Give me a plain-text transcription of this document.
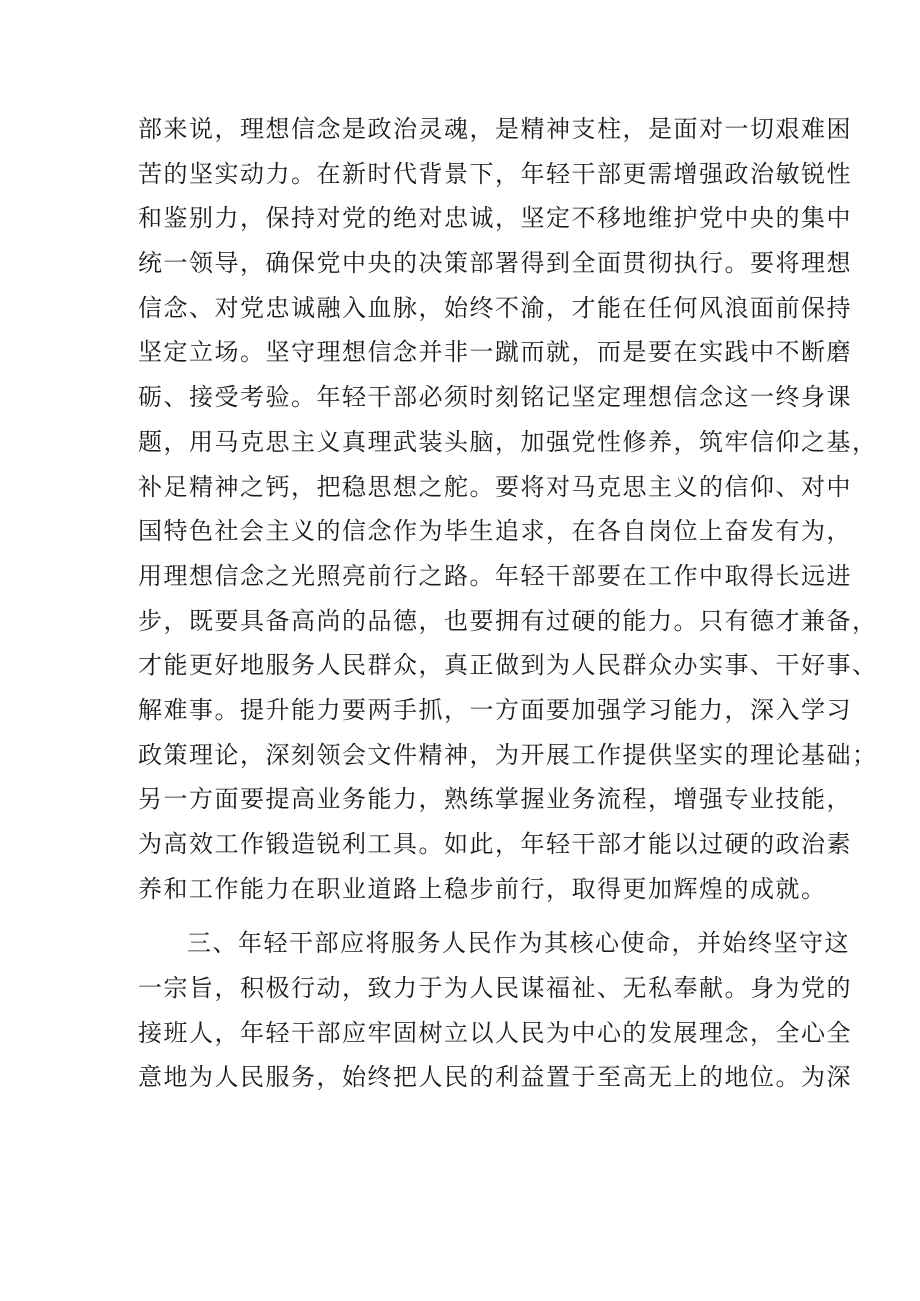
部来说，理想信念是政治灵魂，是精神支柱，是面对一切艰难困
苦的坚实动力。在新时代背景下，年轻干部更需增强政治敏锐性
和鉴别力，保持对党的绝对忠诚，坚定不移地维护党中央的集中
统一领导，确保党中央的决策部署得到全面贯彻执行。要将理想
信念、对党忠诚融入血脉，始终不渝，才能在任何风浪面前保持
坚定立场。坚守理想信念并非一蹴而就，而是要在实践中不断磨
砺、接受考验。年轻干部必须时刻铭记坚定理想信念这一终身课
题，用马克思主义真理武装头脑，加强党性修养，筑牢信仰之基，
补足精神之钙，把稳思想之舵。要将对马克思主义的信仰、对中
国特色社会主义的信念作为毕生追求，在各自岗位上奋发有为，
用理想信念之光照亮前行之路。年轻干部要在工作中取得长远进
步，既要具备高尚的品德，也要拥有过硬的能力。只有德才兼备，
才能更好地服务人民群众，真正做到为人民群众办实事、干好事、
解难事。提升能力要两手抓，一方面要加强学习能力，深入学习
政策理论，深刻领会文件精神，为开展工作提供坚实的理论基础；
另一方面要提高业务能力，熟练掌握业务流程，增强专业技能，
为高效工作锻造锐利工具。如此，年轻干部才能以过硬的政治素
养和工作能力在职业道路上稳步前行，取得更加辉煌的成就。
三、年轻干部应将服务人民作为其核心使命，并始终坚守这
一宗旨，积极行动，致力于为人民谋福祉、无私奉献。身为党的
接班人，年轻干部应牢固树立以人民为中心的发展理念，全心全
意地为人民服务，始终把人民的利益置于至高无上的地位。为深
